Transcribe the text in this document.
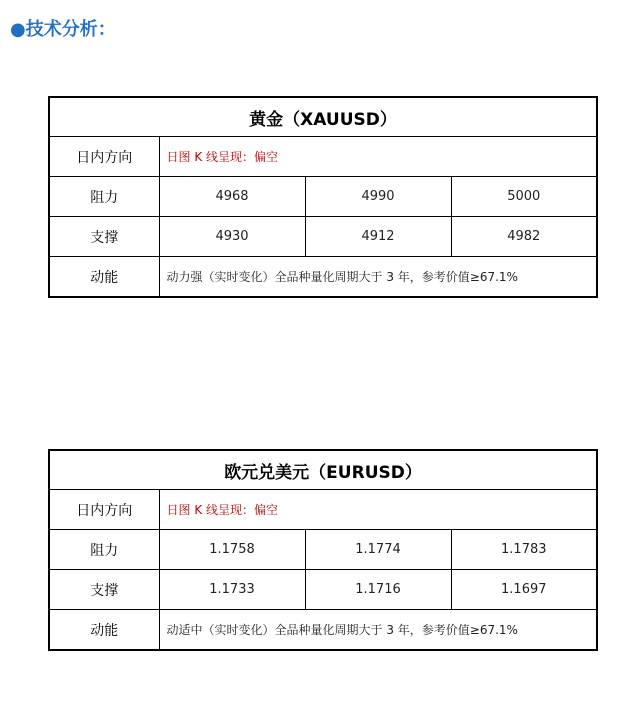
●技术分析：
黄金（XAUUSD）			
日内方向	日图 K 线呈现：偏空		
阻力	4968	4990	5000
支撑	4930	4912	4982
动能	动力强（实时变化）全品种量化周期大于 3 年，参考价值≥67.1%		
欧元兑美元（EURUSD）			
日内方向	日图 K 线呈现：偏空		
阻力	1.1758	1.1774	1.1783
支撑	1.1733	1.1716	1.1697
动能	动适中（实时变化）全品种量化周期大于 3 年，参考价值≥67.1%		
